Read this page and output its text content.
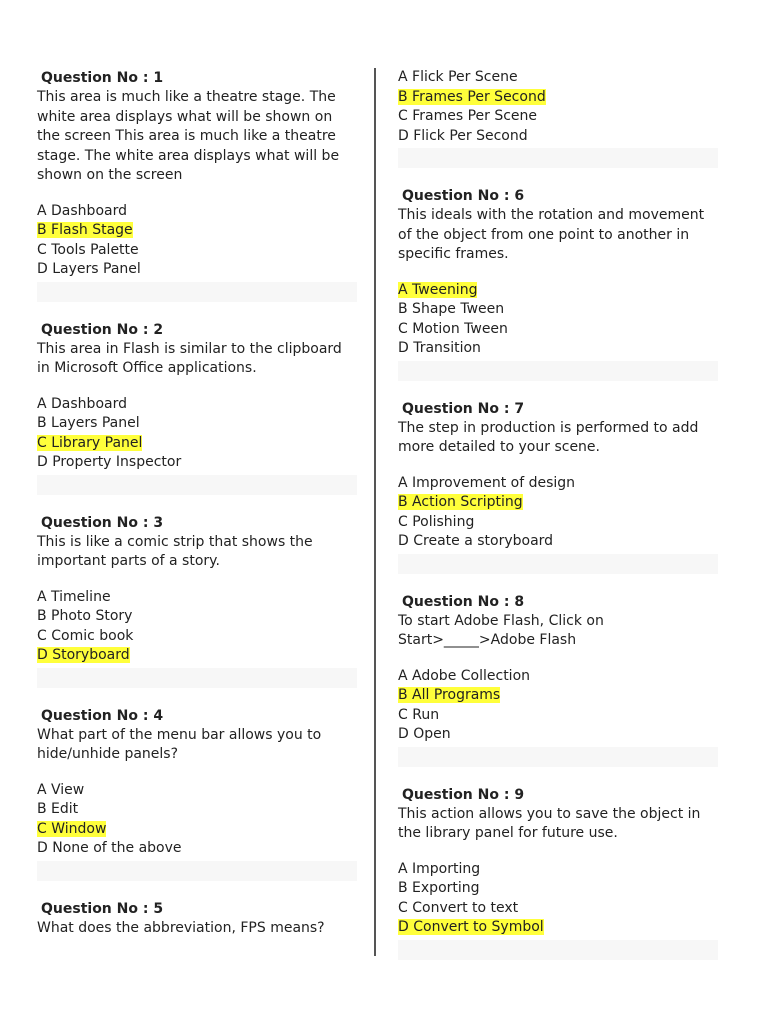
Question No : 1

This area is much like a theatre stage. The white area displays what will be shown on the screen This area is much like a theatre stage. The white area displays what will be shown on the screen

A Dashboard
B Flash Stage
C Tools Palette
D Layers Panel
Question No : 2

This area in Flash is similar to the clipboard in Microsoft Office applications.

A Dashboard
B Layers Panel
C Library Panel
D Property Inspector
Question No : 3

This is like a comic strip that shows the important parts of a story.

A Timeline
B Photo Story
C Comic book
D Storyboard
Question No : 4

What part of the menu bar allows you to hide/unhide panels?

A View
B Edit
C Window
D None of the above
Question No : 5

What does the abbreviation, FPS means?

A Flick Per Scene
B Frames Per Second
C Frames Per Scene
D Flick Per Second
Question No : 6

This ideals with the rotation and movement of the object from one point to another in specific frames.

A Tweening
B Shape Tween
C Motion Tween
D Transition
Question No : 7

The step in production is performed to add more detailed to your scene.

A Improvement of design
B Action Scripting
C Polishing
D Create a storyboard
Question No : 8

To start Adobe Flash, Click on Start>_____>Adobe Flash

A Adobe Collection
B All Programs
C Run
D Open
Question No : 9

This action allows you to save the object in the library panel for future use.

A Importing
B Exporting
C Convert to text
D Convert to Symbol
